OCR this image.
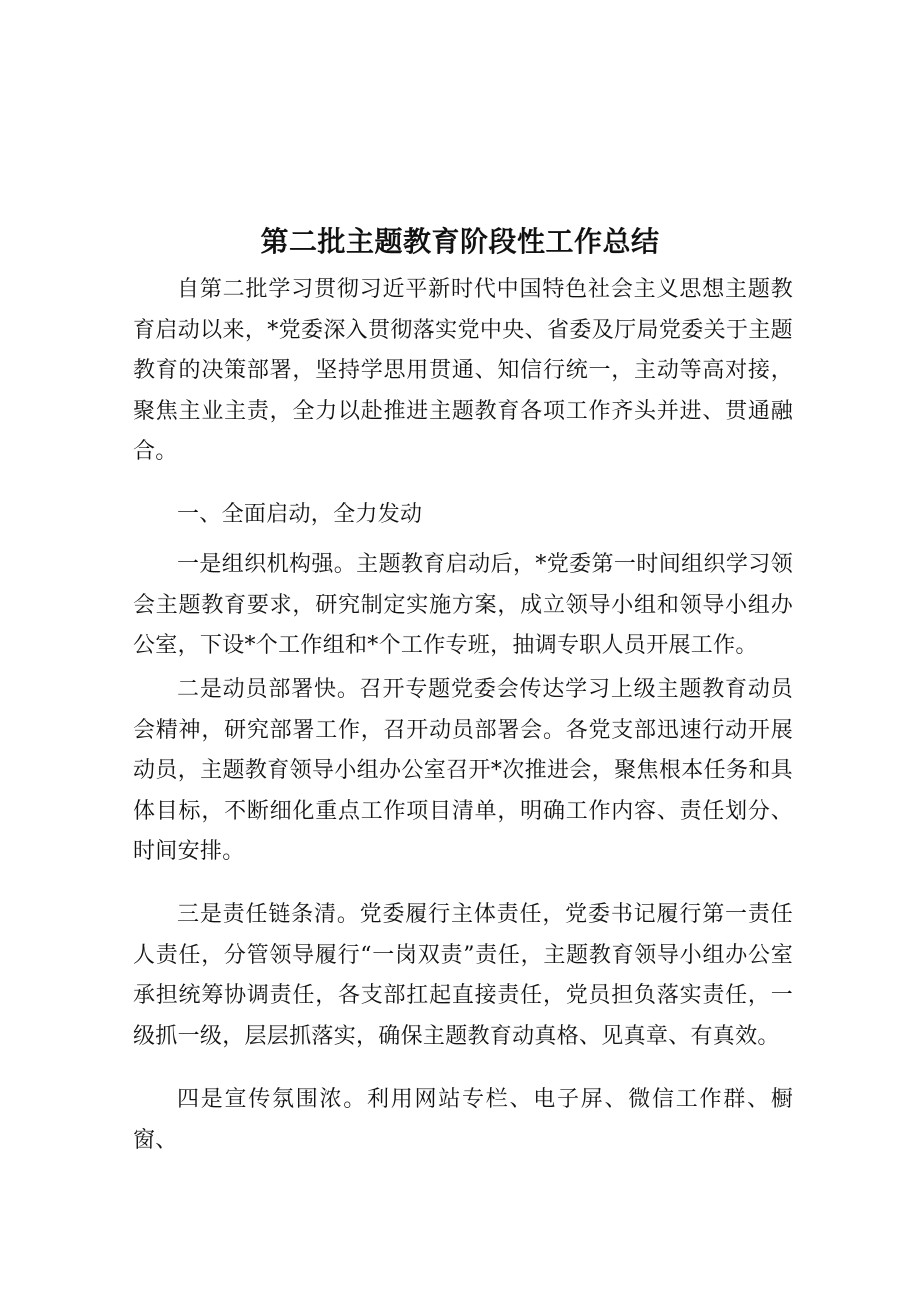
第二批主题教育阶段性工作总结

自第二批学习贯彻习近平新时代中国特色社会主义思想主题教育启动以来，*党委深入贯彻落实党中央、省委及厅局党委关于主题教育的决策部署，坚持学思用贯通、知信行统一，主动等高对接，聚焦主业主责，全力以赴推进主题教育各项工作齐头并进、贯通融合。

一、全面启动，全力发动

一是组织机构强。主题教育启动后，*党委第一时间组织学习领会主题教育要求，研究制定实施方案，成立领导小组和领导小组办公室，下设*个工作组和*个工作专班，抽调专职人员开展工作。

二是动员部署快。召开专题党委会传达学习上级主题教育动员会精神，研究部署工作，召开动员部署会。各党支部迅速行动开展动员，主题教育领导小组办公室召开*次推进会，聚焦根本任务和具体目标，不断细化重点工作项目清单，明确工作内容、责任划分、时间安排。

三是责任链条清。党委履行主体责任，党委书记履行第一责任人责任，分管领导履行“一岗双责”责任，主题教育领导小组办公室承担统筹协调责任，各支部扛起直接责任，党员担负落实责任，一级抓一级，层层抓落实，确保主题教育动真格、见真章、有真效。

四是宣传氛围浓。利用网站专栏、电子屏、微信工作群、橱窗、
